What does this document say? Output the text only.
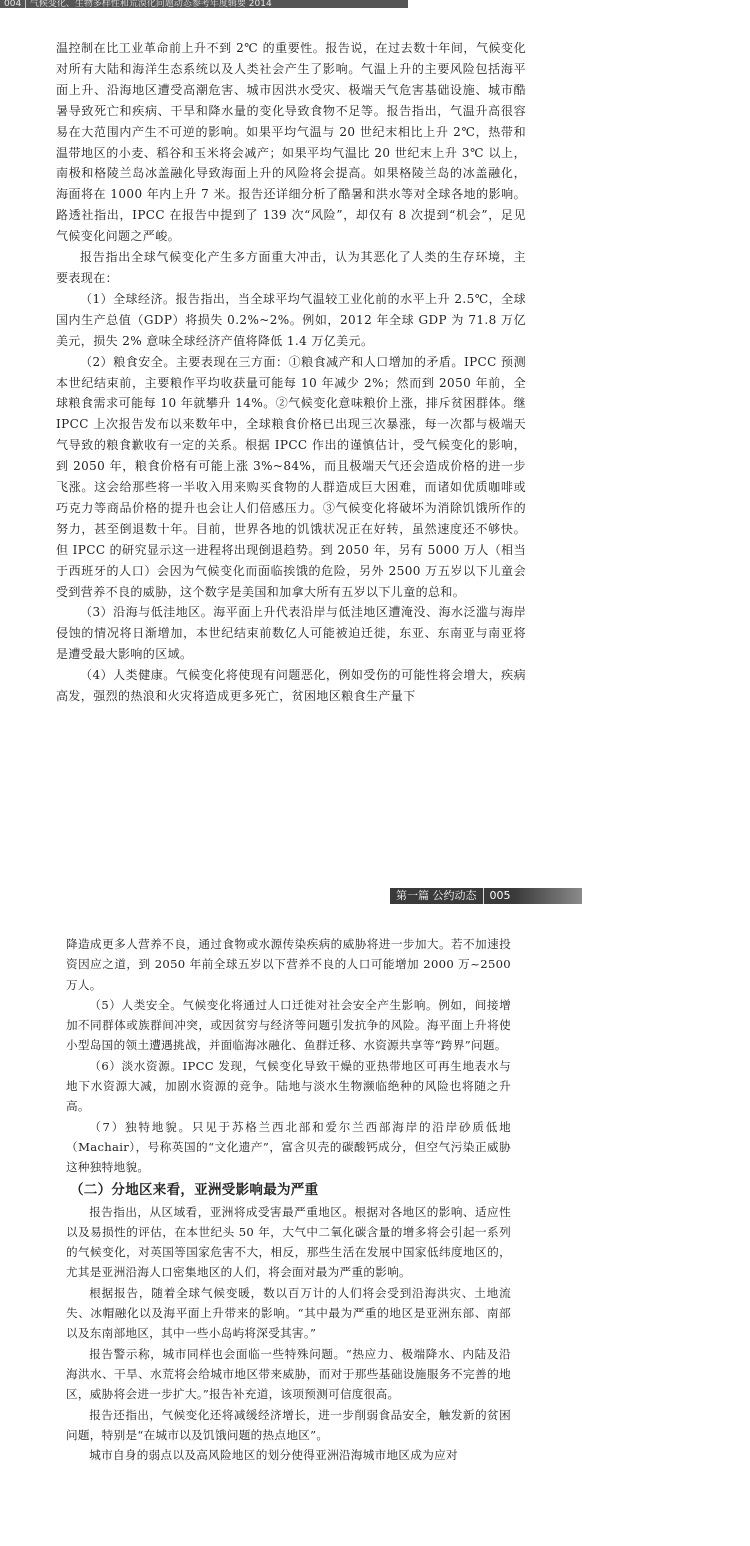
004 | 气候变化、生物多样性和荒漠化问题动态参考年度辑要 2014

温控制在比工业革命前上升不到 2℃ 的重要性。报告说，在过去数十年间，气候变化对所有大陆和海洋生态系统以及人类社会产生了影响。气温上升的主要风险包括海平面上升、沿海地区遭受高潮危害、城市因洪水受灾、极端天气危害基础设施、城市酷暑导致死亡和疾病、干旱和降水量的变化导致食物不足等。报告指出，气温升高很容易在大范围内产生不可逆的影响。如果平均气温与 20 世纪末相比上升 2℃，热带和温带地区的小麦、稻谷和玉米将会减产；如果平均气温比 20 世纪末上升 3℃ 以上，南极和格陵兰岛冰盖融化导致海面上升的风险将会提高。如果格陵兰岛的冰盖融化，海面将在 1000 年内上升 7 米。报告还详细分析了酷暑和洪水等对全球各地的影响。路透社指出，IPCC 在报告中提到了 139 次“风险”，却仅有 8 次提到“机会”，足见气候变化问题之严峻。

报告指出全球气候变化产生多方面重大冲击，认为其恶化了人类的生存环境，主要表现在：

（1）全球经济。报告指出，当全球平均气温较工业化前的水平上升 2.5℃，全球国内生产总值（GDP）将损失 0.2%~2%。例如，2012 年全球 GDP 为 71.8 万亿美元，损失 2% 意味全球经济产值将降低 1.4 万亿美元。

（2）粮食安全。主要表现在三方面：①粮食减产和人口增加的矛盾。IPCC 预测本世纪结束前，主要粮作平均收获量可能每 10 年减少 2%；然而到 2050 年前，全球粮食需求可能每 10 年就攀升 14%。②气候变化意味粮价上涨，排斥贫困群体。继 IPCC 上次报告发布以来数年中，全球粮食价格已出现三次暴涨，每一次都与极端天气导致的粮食歉收有一定的关系。根据 IPCC 作出的谨慎估计，受气候变化的影响，到 2050 年，粮食价格有可能上涨 3%~84%，而且极端天气还会造成价格的进一步飞涨。这会给那些将一半收入用来购买食物的人群造成巨大困难，而诸如优质咖啡或巧克力等商品价格的提升也会让人们倍感压力。③气候变化将破坏为消除饥饿所作的努力，甚至倒退数十年。目前，世界各地的饥饿状况正在好转，虽然速度还不够快。但 IPCC 的研究显示这一进程将出现倒退趋势。到 2050 年，另有 5000 万人（相当于西班牙的人口）会因为气候变化而面临挨饿的危险，另外 2500 万五岁以下儿童会受到营养不良的威胁，这个数字是美国和加拿大所有五岁以下儿童的总和。

（3）沿海与低洼地区。海平面上升代表沿岸与低洼地区遭淹没、海水泛滥与海岸侵蚀的情况将日渐增加，本世纪结束前数亿人可能被迫迁徙，东亚、东南亚与南亚将是遭受最大影响的区域。

（4）人类健康。气候变化将使现有问题恶化，例如受伤的可能性将会增大，疾病高发，强烈的热浪和火灾将造成更多死亡，贫困地区粮食生产量下

第一篇 公约动态 005

降造成更多人营养不良，通过食物或水源传染疾病的威胁将进一步加大。若不加速投资因应之道，到 2050 年前全球五岁以下营养不良的人口可能增加 2000 万~2500 万人。

（5）人类安全。气候变化将通过人口迁徙对社会安全产生影响。例如，间接增加不同群体或族群间冲突，或因贫穷与经济等问题引发抗争的风险。海平面上升将使小型岛国的领土遭遇挑战，并面临海冰融化、鱼群迁移、水资源共享等“跨界”问题。

（6）淡水资源。IPCC 发现，气候变化导致干燥的亚热带地区可再生地表水与地下水资源大减，加剧水资源的竞争。陆地与淡水生物濒临绝种的风险也将随之升高。

（7）独特地貌。只见于苏格兰西北部和爱尔兰西部海岸的沿岸砂质低地（Machair），号称英国的“文化遗产”，富含贝壳的碳酸钙成分，但空气污染正威胁这种独特地貌。

（二）分地区来看，亚洲受影响最为严重

报告指出，从区域看，亚洲将成受害最严重地区。根据对各地区的影响、适应性以及易损性的评估，在本世纪头 50 年，大气中二氧化碳含量的增多将会引起一系列的气候变化，对英国等国家危害不大，相反，那些生活在发展中国家低纬度地区的，尤其是亚洲沿海人口密集地区的人们，将会面对最为严重的影响。

根据报告，随着全球气候变暖，数以百万计的人们将会受到沿海洪灾、土地流失、冰帽融化以及海平面上升带来的影响。“其中最为严重的地区是亚洲东部、南部以及东南部地区，其中一些小岛屿将深受其害。”

报告警示称，城市同样也会面临一些特殊问题。“热应力、极端降水、内陆及沿海洪水、干旱、水荒将会给城市地区带来威胁，而对于那些基础设施服务不完善的地区，威胁将会进一步扩大。”报告补充道，该项预测可信度很高。

报告还指出，气候变化还将减缓经济增长，进一步削弱食品安全，触发新的贫困问题，特别是“在城市以及饥饿问题的热点地区”。

城市自身的弱点以及高风险地区的划分使得亚洲沿海城市地区成为应对
